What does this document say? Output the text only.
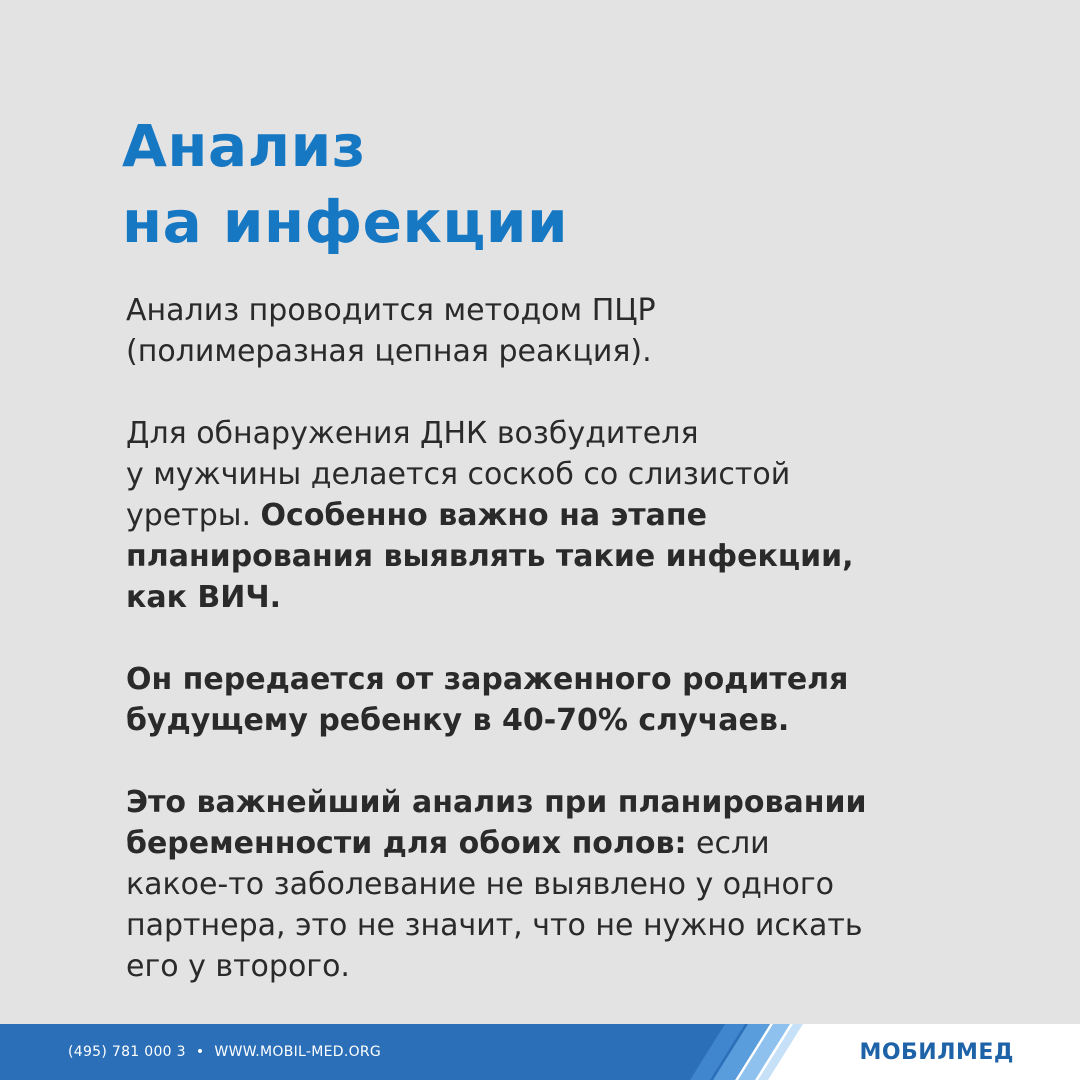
Анализ
на инфекции

Анализ проводится методом ПЦР
(полимеразная цепная реакция).

Для обнаружения ДНК возбудителя
у мужчины делается соскоб со слизистой
уретры. Особенно важно на этапе
планирования выявлять такие инфекции,
как ВИЧ.

Он передается от зараженного родителя
будущему ребенку в 40-70% случаев.

Это важнейший анализ при планировании
беременности для обоих полов: если
какое-то заболевание не выявлено у одного
партнера, это не значит, что не нужно искать
его у второго.

(495) 781 000 3 • WWW.MOBIL-MED.ORG	МОБИЛМЕД
